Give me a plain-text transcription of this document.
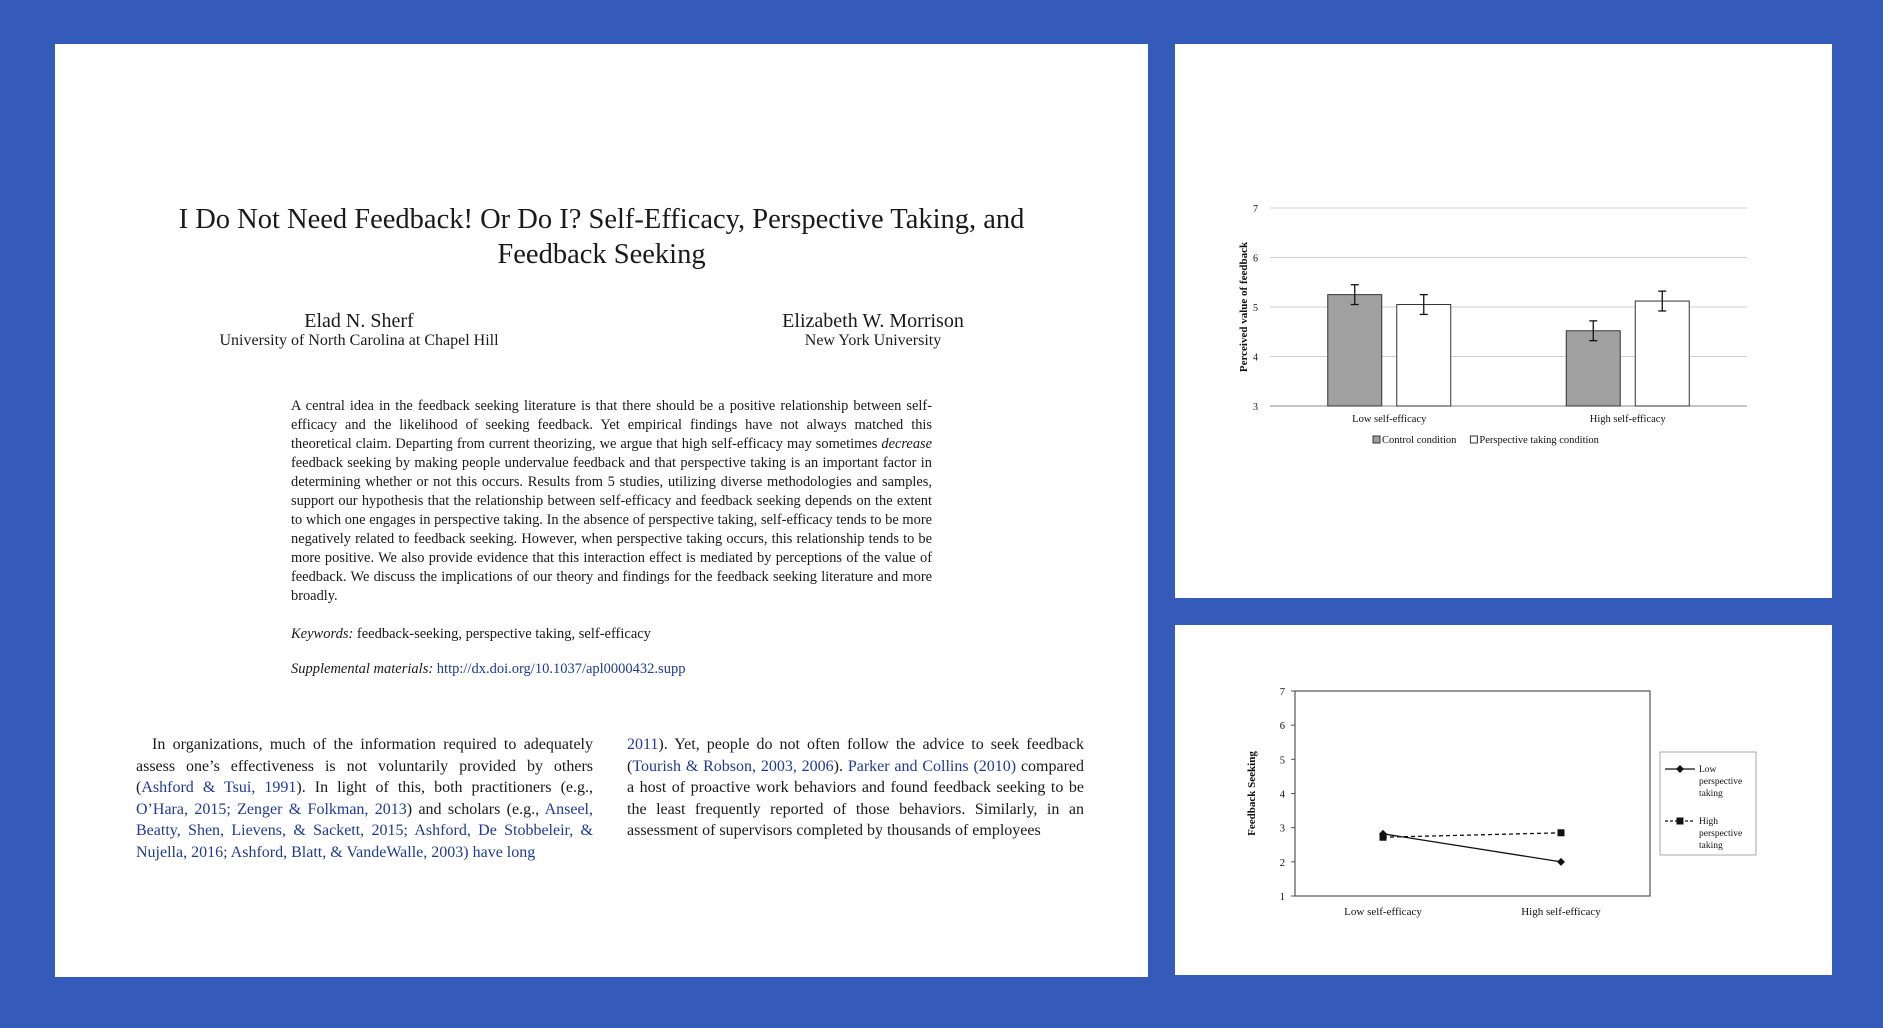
I Do Not Need Feedback! Or Do I? Self-Efficacy, Perspective Taking, and
Feedback Seeking
Elad N. Sherf
University of North Carolina at Chapel Hill
Elizabeth W. Morrison
New York University
A central idea in the feedback seeking literature is that there should be a positive relationship between self-efficacy and the likelihood of seeking feedback. Yet empirical findings have not always matched this theoretical claim. Departing from current theorizing, we argue that high self-efficacy may sometimes decrease feedback seeking by making people undervalue feedback and that perspective taking is an important factor in determining whether or not this occurs. Results from 5 studies, utilizing diverse methodologies and samples, support our hypothesis that the relationship between self-efficacy and feedback seeking depends on the extent to which one engages in perspective taking. In the absence of perspective taking, self-efficacy tends to be more negatively related to feedback seeking. However, when perspective taking occurs, this relationship tends to be more positive. We also provide evidence that this interaction effect is mediated by perceptions of the value of feedback. We discuss the implications of our theory and findings for the feedback seeking literature and more broadly.
Keywords: feedback-seeking, perspective taking, self-efficacy
Supplemental materials: http://dx.doi.org/10.1037/apl0000432.supp
In organizations, much of the information required to adequately assess one’s effectiveness is not voluntarily provided by others (Ashford & Tsui, 1991). In light of this, both practitioners (e.g., O’Hara, 2015; Zenger & Folkman, 2013) and scholars (e.g., Anseel, Beatty, Shen, Lievens, & Sackett, 2015; Ashford, De Stobbeleir, & Nujella, 2016; Ashford, Blatt, & VandeWalle, 2003) have long
2011). Yet, people do not often follow the advice to seek feedback (Tourish & Robson, 2003, 2006). Parker and Collins (2010) compared a host of proactive work behaviors and found feedback seeking to be the least frequently reported of those behaviors. Similarly, in an assessment of supervisors completed by thousands of employees
3
4
5
6
7
Perceived value of feedback
Low self-efficacy	High self-efficacy
Control condition Perspective taking condition
1
2
3
4
5
6
7
Feedback Seeking
Low self-efficacy	High self-efficacy
Low
perspective
taking
High
perspective
taking
